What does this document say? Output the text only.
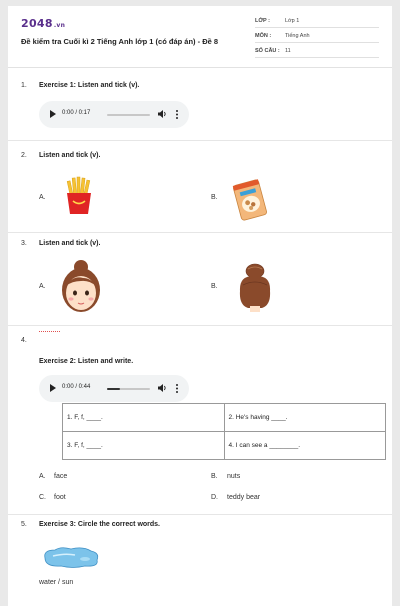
2048.vn
Đề kiểm tra Cuối kì 2 Tiếng Anh lớp 1 (có đáp án) - Đề 8
LỚP :	Lớp 1
MÔN :	Tiếng Anh
SỐ CÂU : 11
1. Exercise 1: Listen and tick (v).
0:00 / 0:17
2. Listen and tick (v).
A.	B.
3. Listen and tick (v).
A.	B.
4.
Exercise 2: Listen and write.
0:00 / 0:44
1. F, f, ____.	2. He's having ____.
3. F, f, ____.	4. I can see a ________.
A. face	B. nuts
C. foot	D. teddy bear
5. Exercise 3: Circle the correct words.
water / sun
